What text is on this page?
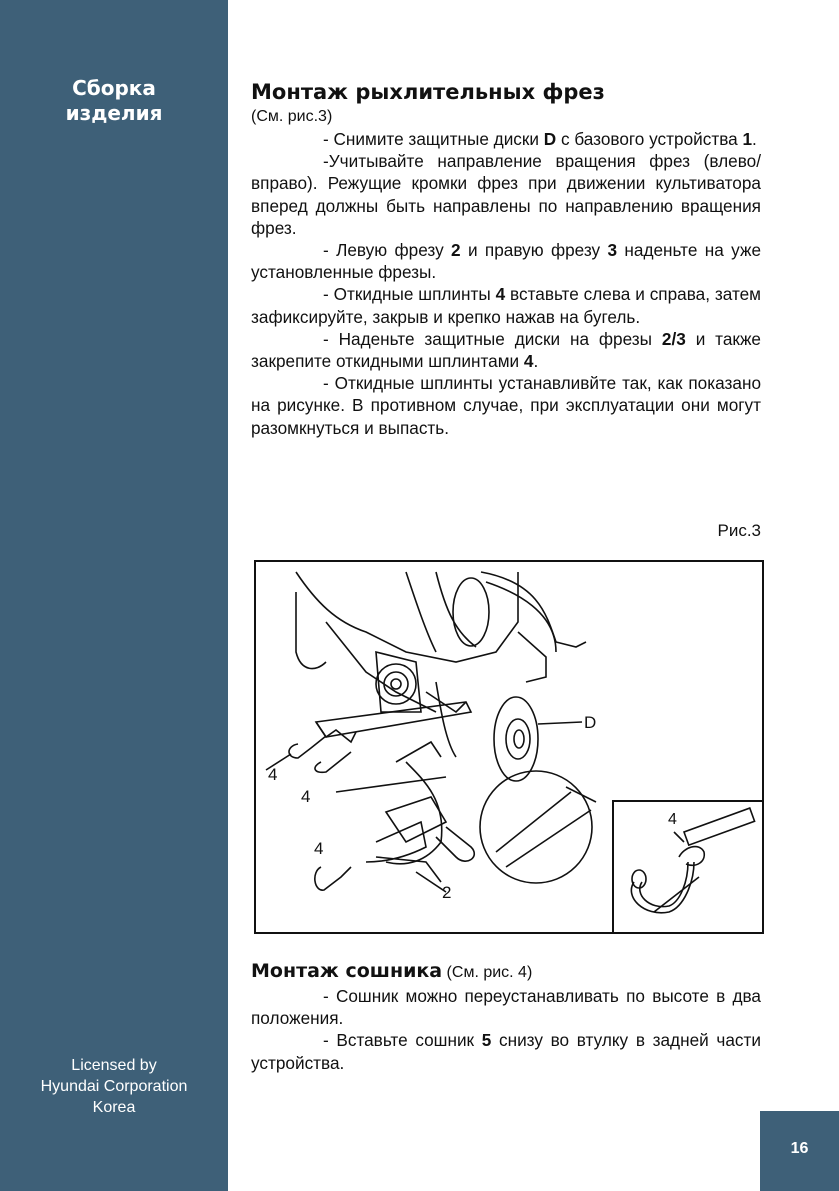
Сборка
изделия
Licensed by
Hyundai Corporation
Korea
16
Монтаж рыхлительных фрез
(См. рис.3)

- Снимите защитные диски D с базового устройства 1.

-Учитывайте направление вращения фрез (влево/вправо). Режущие кромки фрез при движении культиватора вперед должны быть направлены по направлению вращения фрез.

- Левую фрезу 2 и правую фрезу 3 наденьте на уже установленные фрезы.

- Откидные шплинты 4 вставьте слева и справа, затем зафиксируйте, закрыв и крепко нажав на бугель.

- Наденьте защитные диски на фрезы 2/3 и также закрепите откидными шплинтами 4.

- Откидные шплинты устанавливйте так, как показано на рисунке. В противном случае, при эксплуатации они могут разомкнуться и выпасть.

Рис.3
D
4
4
4
2
4
Монтаж сошника (См. рис. 4)

- Сошник можно переустанавливать по высоте в два положения.

- Вставьте сошник 5 снизу во втулку в задней части устройства.
